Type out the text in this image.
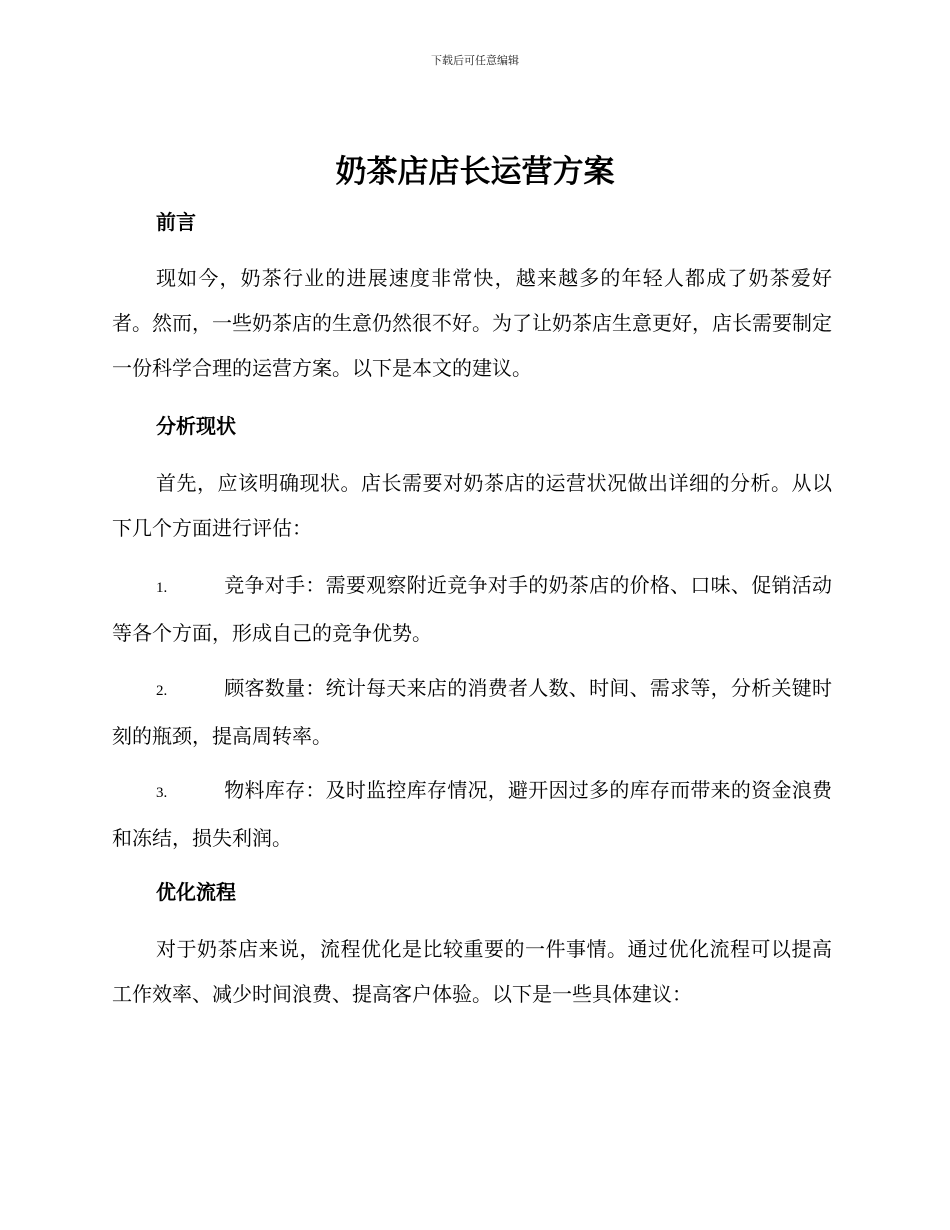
下载后可任意编辑
奶茶店店长运营方案
前言

现如今，奶茶行业的进展速度非常快，越来越多的年轻人都成了奶茶爱好者。然而，一些奶茶店的生意仍然很不好。为了让奶茶店生意更好，店长需要制定一份科学合理的运营方案。以下是本文的建议。

分析现状

首先，应该明确现状。店长需要对奶茶店的运营状况做出详细的分析。从以下几个方面进行评估：

1.	竞争对手：需要观察附近竞争对手的奶茶店的价格、口味、促销活动等各个方面，形成自己的竞争优势。
2.	顾客数量：统计每天来店的消费者人数、时间、需求等，分析关键时刻的瓶颈，提高周转率。
3.	物料库存：及时监控库存情况，避开因过多的库存而带来的资金浪费和冻结，损失利润。
优化流程

对于奶茶店来说，流程优化是比较重要的一件事情。通过优化流程可以提高工作效率、减少时间浪费、提高客户体验。以下是一些具体建议：
